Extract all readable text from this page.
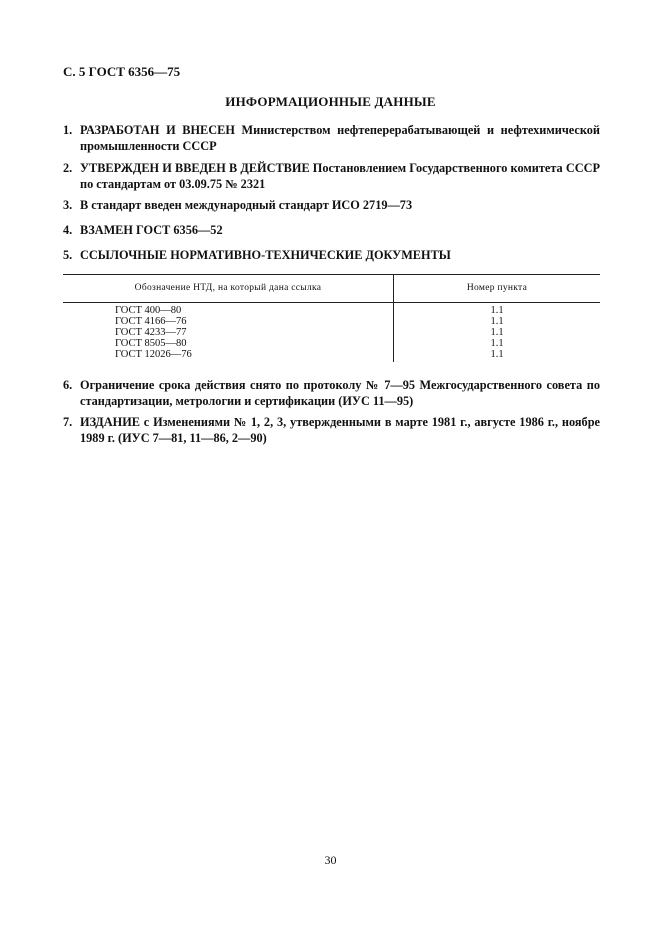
С. 5 ГОСТ 6356—75
ИНФОРМАЦИОННЫЕ ДАННЫЕ
1. РАЗРАБОТАН И ВНЕСЕН Министерством нефтеперерабатывающей и нефтехимической промышленности СССР
2. УТВЕРЖДЕН И ВВЕДЕН В ДЕЙСТВИЕ Постановлением Государственного комитета СССР по стандартам от 03.09.75 № 2321
3. В стандарт введен международный стандарт ИСО 2719—73
4. ВЗАМЕН ГОСТ 6356—52
5. ССЫЛОЧНЫЕ НОРМАТИВНО-ТЕХНИЧЕСКИЕ ДОКУМЕНТЫ
Обозначение НТД, на который дана ссылка	Номер пункта
ГОСТ 400—80	1.1
ГОСТ 4166—76	1.1
ГОСТ 4233—77	1.1
ГОСТ 8505—80	1.1
ГОСТ 12026—76	1.1
6. Ограничение срока действия снято по протоколу № 7—95 Межгосударственного совета по стандартизации, метрологии и сертификации (ИУС 11—95)
7. ИЗДАНИЕ с Изменениями № 1, 2, 3, утвержденными в марте 1981 г., августе 1986 г., ноябре 1989 г. (ИУС 7—81, 11—86, 2—90)
30
